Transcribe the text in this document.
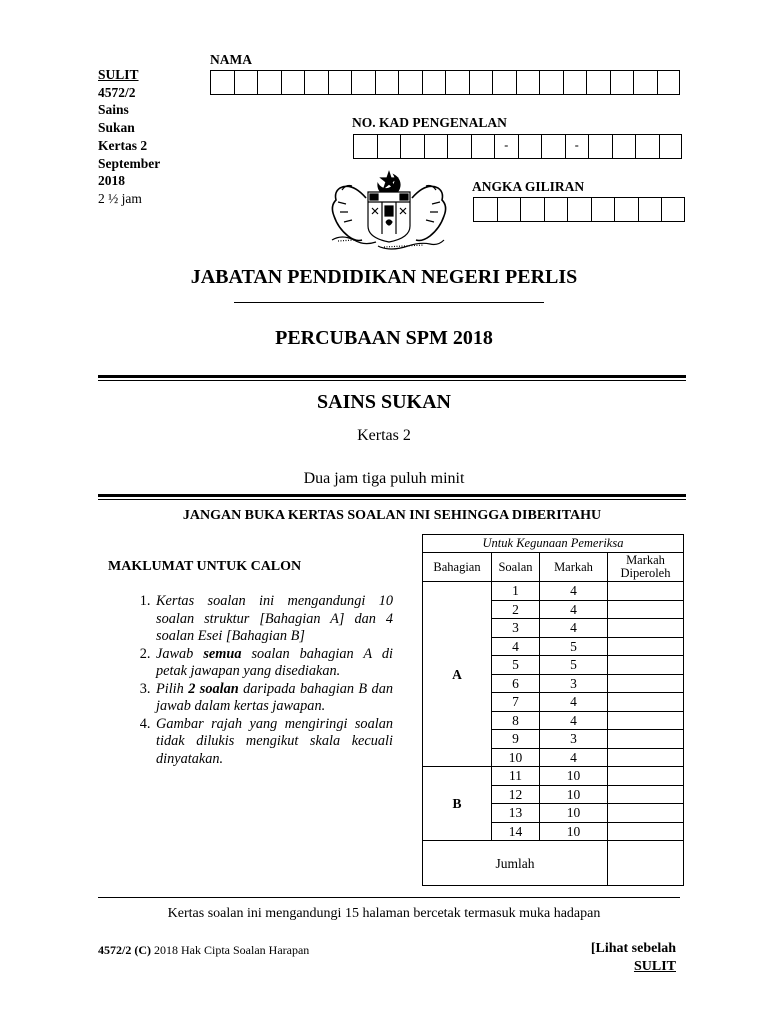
SULIT
4572/2
Sains
Sukan
Kertas 2
September
2018
2 ½ jam
NAMA
NO. KAD PENGENALAN
-	-
ANGKA GILIRAN
JABATAN PENDIDIKAN NEGERI PERLIS
PERCUBAAN SPM 2018
SAINS SUKAN
Kertas 2
Dua jam tiga puluh minit
JANGAN BUKA KERTAS SOALAN INI SEHINGGA DIBERITAHU
MAKLUMAT UNTUK CALON
1. Kertas soalan ini mengandungi 10 soalan struktur [Bahagian A] dan 4 soalan Esei [Bahagian B]
2. Jawab semua soalan bahagian A di petak jawapan yang disediakan.
3. Pilih 2 soalan daripada bahagian B dan jawab dalam kertas jawapan.
4. Gambar rajah yang mengiringi soalan tidak dilukis mengikut skala kecuali dinyatakan.
Untuk Kegunaan Pemeriksa			
Bahagian	Soalan	Markah	Markah
Diperoleh

A	1	4	
	2	4	
	3	4	
	4	5	
	5	5	
	6	3	
	7	4	
	8	4	
	9	3	
	10	4	
B	11	10	
	12	10	
	13	10	
	14	10	
Jumlah			
Kertas soalan ini mengandungi 15 halaman bercetak termasuk muka hadapan
4572/2 (C) 2018 Hak Cipta Soalan Harapan	[Lihat sebelah
SULIT
